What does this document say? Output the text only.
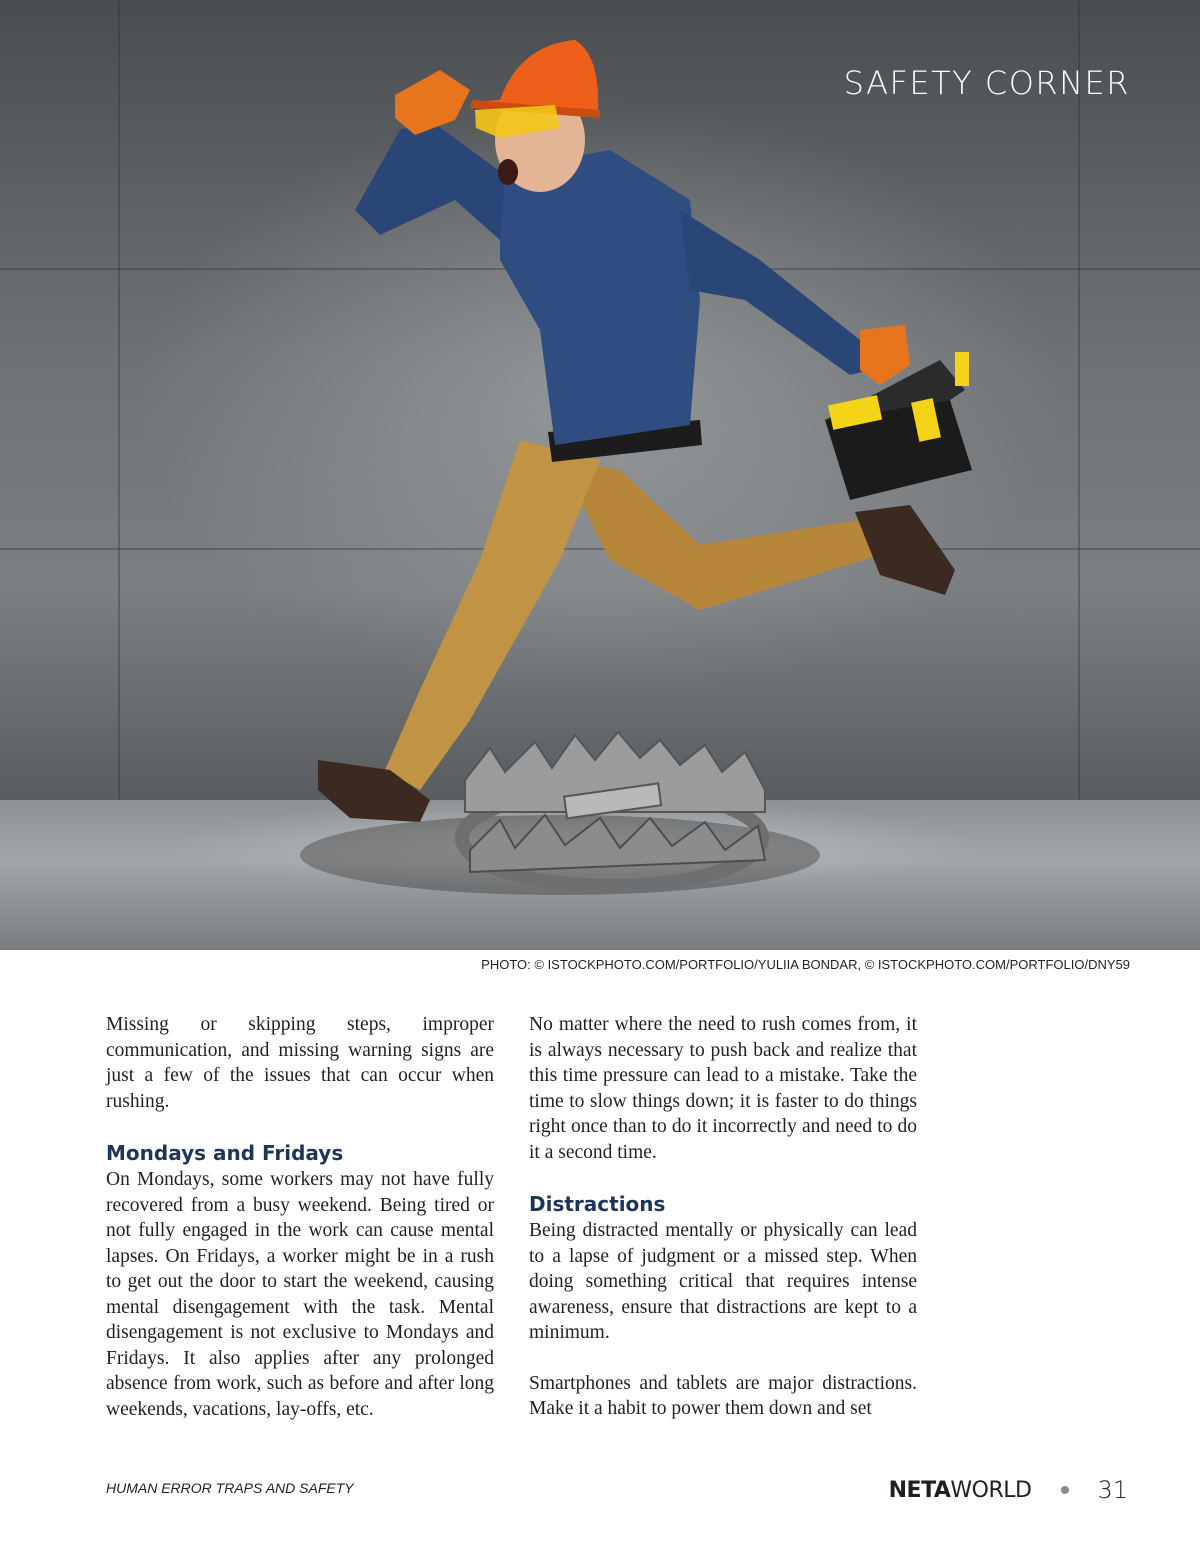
SAFETY CORNER

PHOTO: © ISTOCKPHOTO.COM/PORTFOLIO/YULIIA BONDAR, © ISTOCKPHOTO.COM/PORTFOLIO/DNY59

Missing or skipping steps, improper communication, and missing warning signs are just a few of the issues that can occur when rushing.

Mondays and Fridays

On Mondays, some workers may not have fully recovered from a busy weekend. Being tired or not fully engaged in the work can cause mental lapses. On Fridays, a worker might be in a rush to get out the door to start the weekend, causing mental disengagement with the task. Mental disengagement is not exclusive to Mondays and Fridays. It also applies after any prolonged absence from work, such as before and after long weekends, vacations, lay-offs, etc.

No matter where the need to rush comes from, it is always necessary to push back and realize that this time pressure can lead to a mistake. Take the time to slow things down; it is faster to do things right once than to do it incorrectly and need to do it a second time.

Distractions

Being distracted mentally or physically can lead to a lapse of judgment or a missed step. When doing something critical that requires intense awareness, ensure that distractions are kept to a minimum.

Smartphones and tablets are major distractions. Make it a habit to power them down and set

HUMAN ERROR TRAPS AND SAFETY	NETA WORLD	31
